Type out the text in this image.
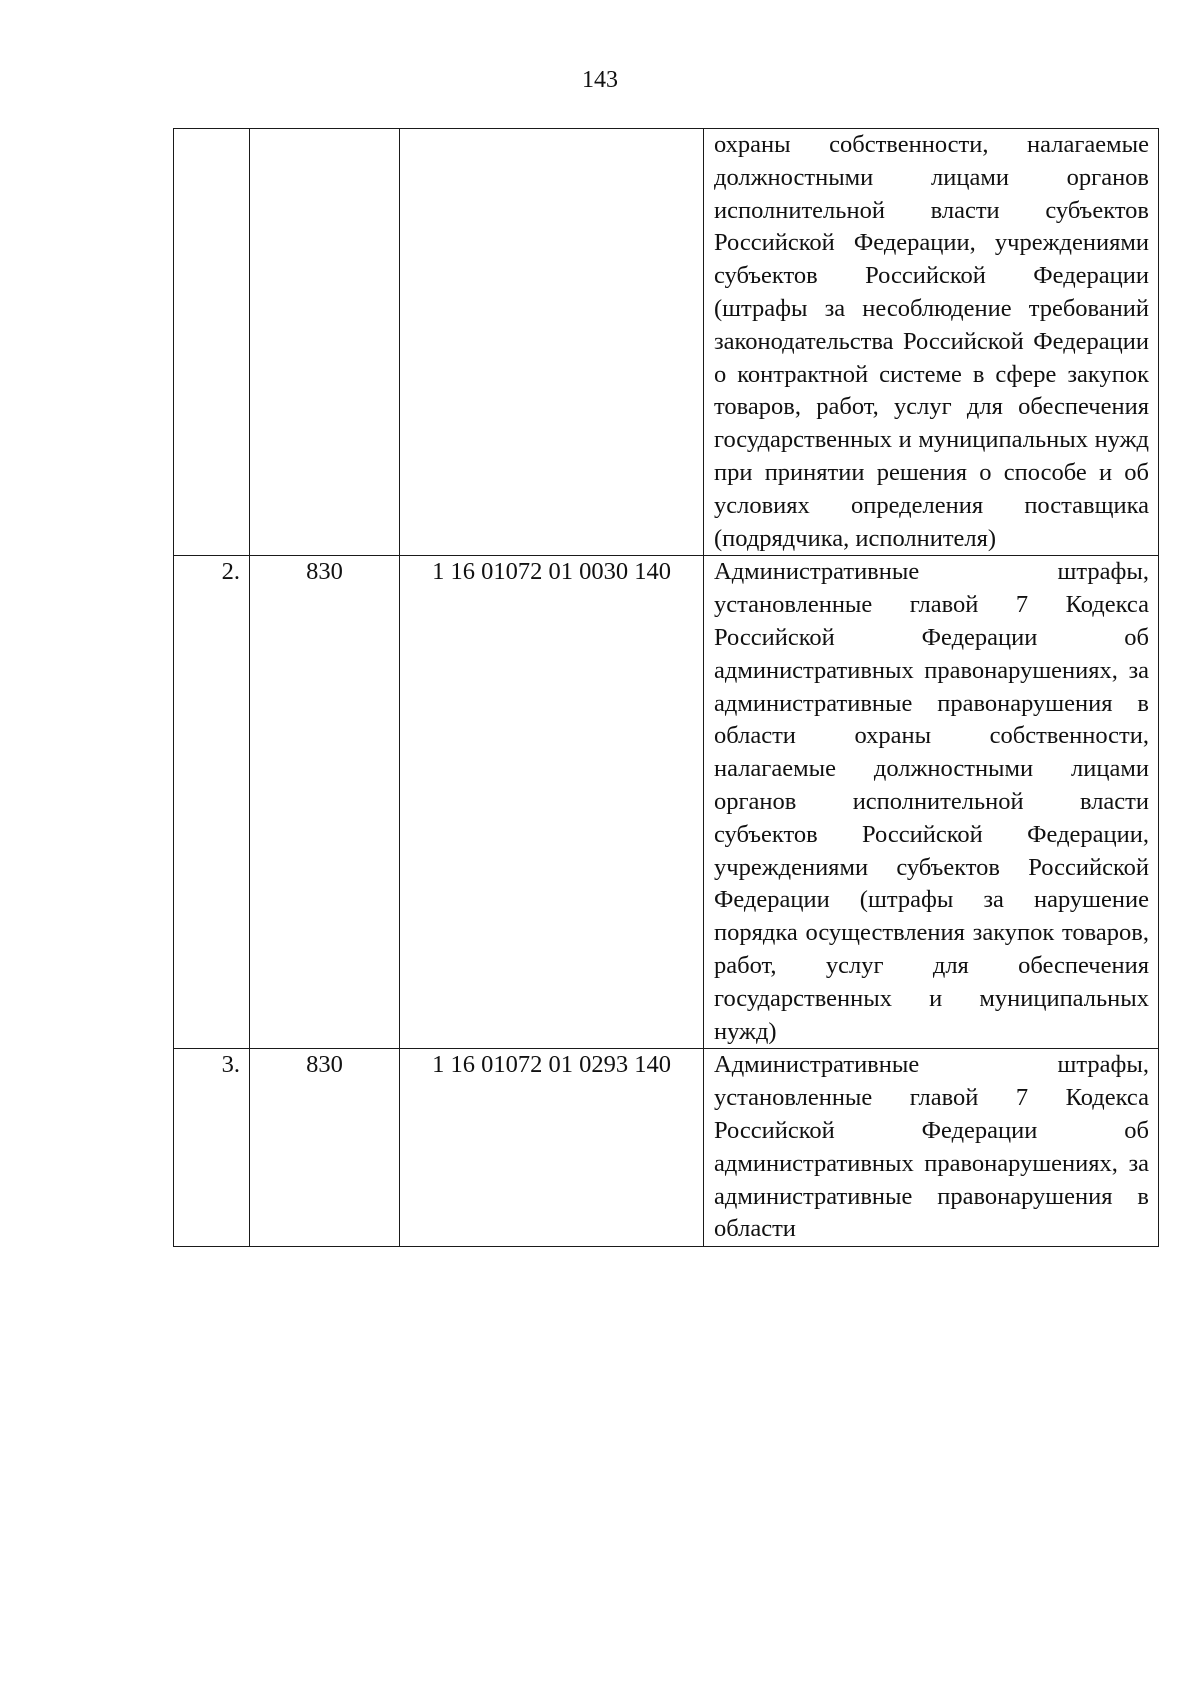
143

			охраны собственности, налагаемые должностными лицами органов исполнительной власти субъектов Российской Федерации, учреждениями субъектов Российской Федерации (штрафы за несоблюдение требований законодательства Российской Федерации о контрактной системе в сфере закупок товаров, работ, услуг для обеспечения государственных и муниципальных нужд при принятии решения о способе и об условиях определения поставщика (подрядчика, исполнителя)

2.	830	1 16 01072 01 0030 140	Административные штрафы, установленные главой 7 Кодекса Российской Федерации об административных правонарушениях, за административные правонарушения в области охраны собственности, налагаемые должностными лицами органов исполнительной власти субъектов Российской Федерации, учреждениями субъектов Российской Федерации (штрафы за нарушение порядка осуществления закупок товаров, работ, услуг для обеспечения государственных и муниципальных нужд)

3.	830	1 16 01072 01 0293 140	Административные штрафы, установленные главой 7 Кодекса Российской Федерации об административных правонарушениях, за административные правонарушения в области
